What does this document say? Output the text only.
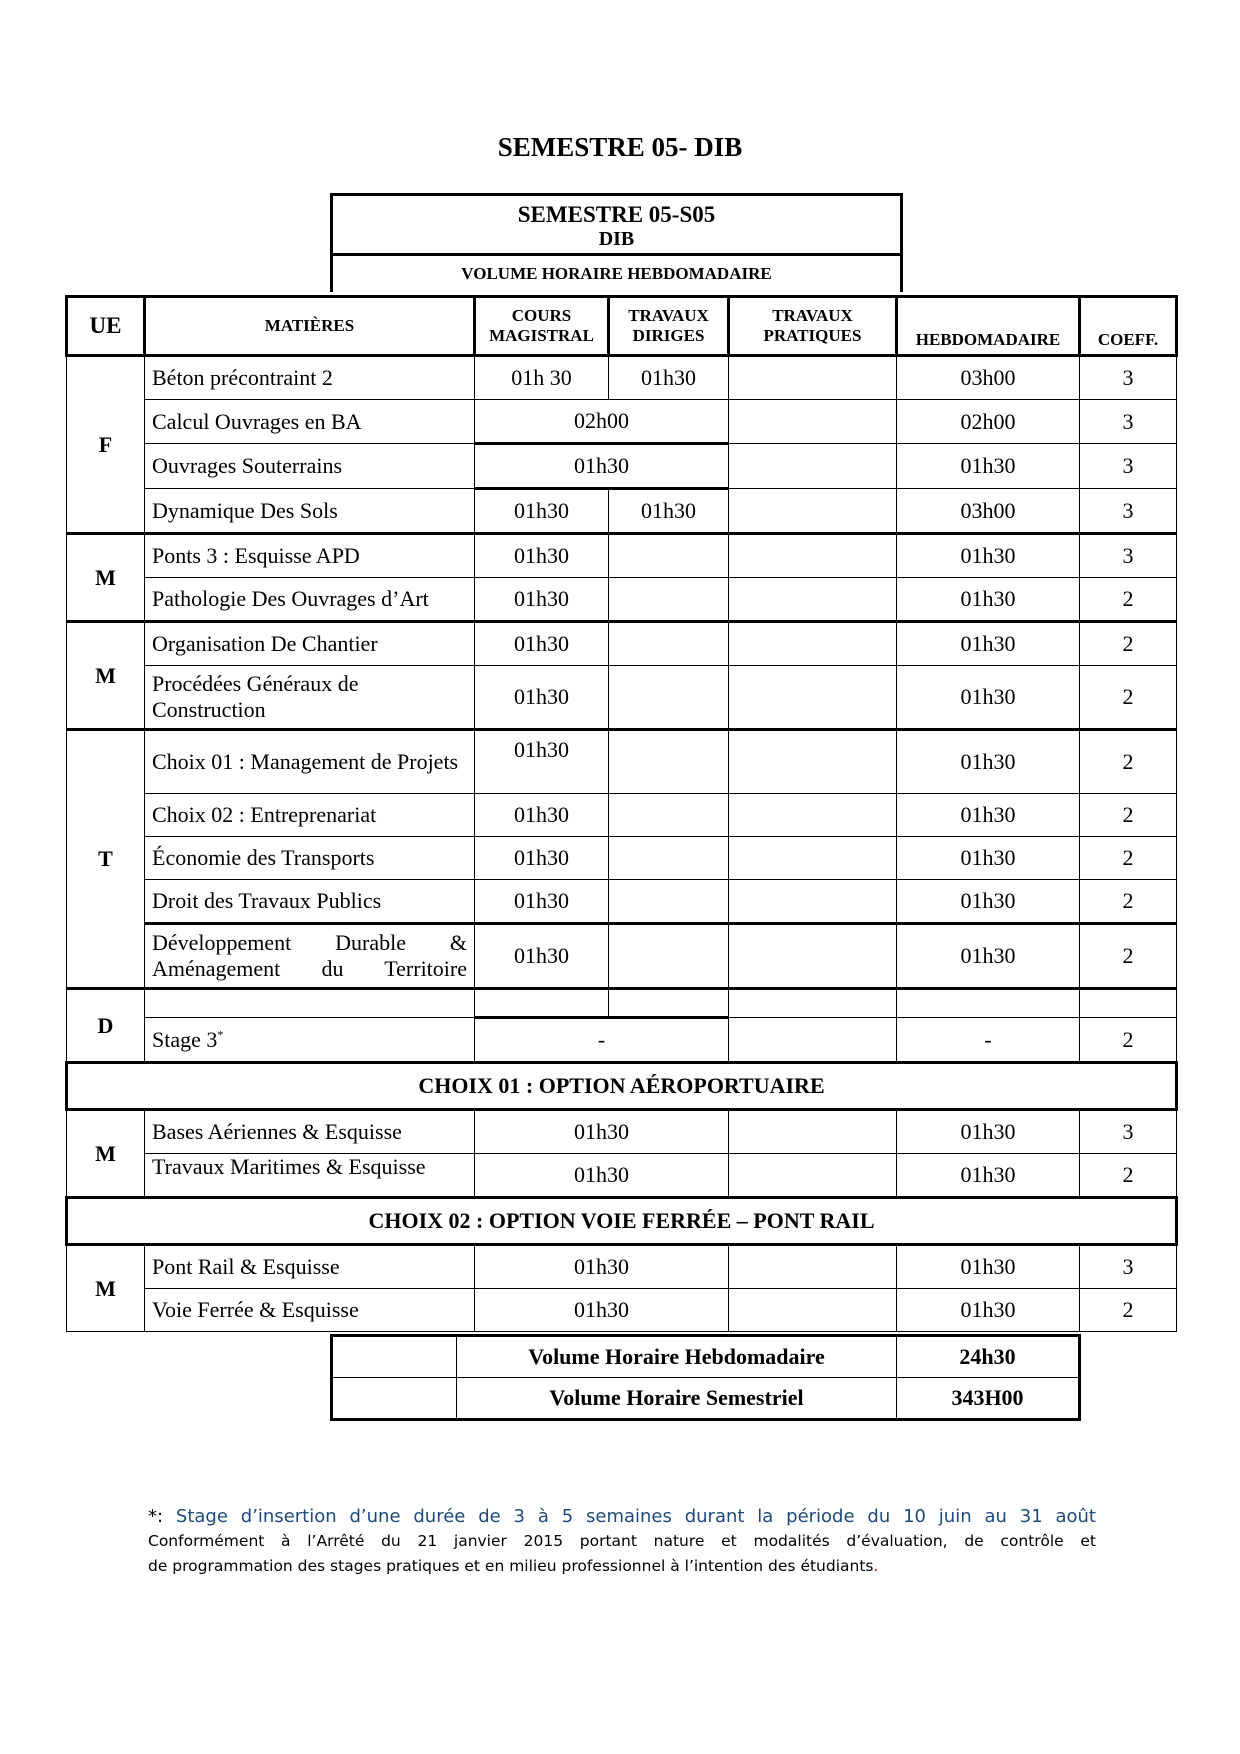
SEMESTRE 05- DIB
SEMESTRE 05-S05
DIB
VOLUME HORAIRE HEBDOMADAIRE
UE	MATIÈRES	COURS MAGISTRAL	TRAVAUX DIRIGES	TRAVAUX PRATIQUES	HEBDOMADAIRE	COEFF.
F	Béton précontraint 2	01h 30	01h30		03h00	3
	Calcul Ouvrages en BA	02h00			02h00	3
	Ouvrages Souterrains	01h30			01h30	3
	Dynamique Des Sols	01h30	01h30		03h00	3
M	Ponts 3 : Esquisse APD	01h30			01h30	3
	Pathologie Des Ouvrages d’Art	01h30			01h30	2
M	Organisation De Chantier	01h30			01h30	2
	Procédées Généraux de Construction	01h30			01h30	2
T	Choix 01 : Management de Projets	01h30			01h30	2
	Choix 02 : Entreprenariat	01h30			01h30	2
	Économie des Transports	01h30			01h30	2
	Droit des Travaux Publics	01h30			01h30	2
	Développement Durable & Aménagement du Territoire	01h30			01h30	2
D						
	Stage 3*	-			-	2
CHOIX 01 : OPTION AÉROPORTUAIRE						
M	Bases Aériennes & Esquisse	01h30			01h30	3
	Travaux Maritimes & Esquisse	01h30			01h30	2
CHOIX 02 : OPTION VOIE FERRÉE – PONT RAIL						
M	Pont Rail & Esquisse	01h30			01h30	3
	Voie Ferrée & Esquisse	01h30			01h30	2
	Volume Horaire Hebdomadaire	24h30
	Volume Horaire Semestriel	343H00
*: Stage d’insertion d’une durée de 3 à 5 semaines durant la période du 10 juin au 31 août
Conformément à l’Arrêté du 21 janvier 2015 portant nature et modalités d’évaluation, de contrôle et
de programmation des stages pratiques et en milieu professionnel à l’intention des étudiants.
